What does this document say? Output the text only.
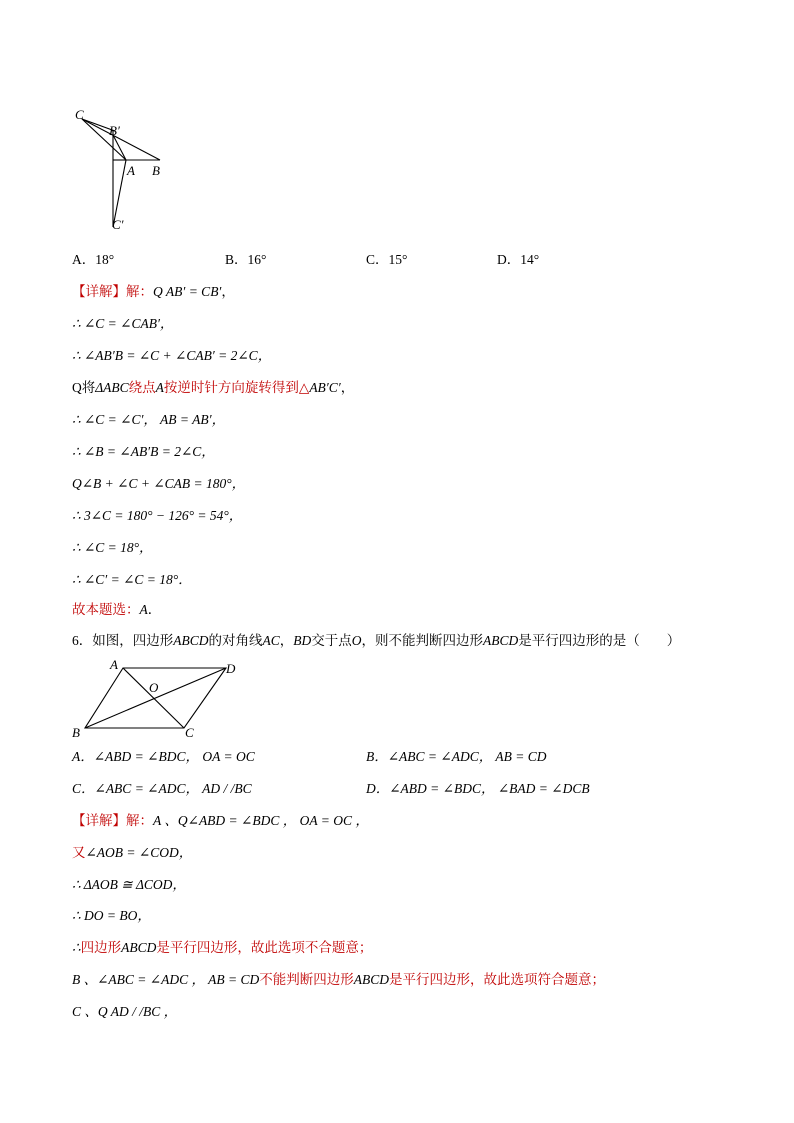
C
B′
A B
C′
A．18°	B．16°	C．15°	D．14°
【详解】解：Q AB′ = CB′，
∴ ∠C = ∠CAB′，
∴ ∠AB′B = ∠C + ∠CAB′ = 2∠C，
Q将ΔABC绕点A按逆时针方向旋转得到△AB′C′，
∴ ∠C = ∠C′， AB = AB′，
∴ ∠B = ∠AB′B = 2∠C，
Q∠B + ∠C + ∠CAB = 180°，
∴ 3∠C = 180° − 126° = 54°，
∴ ∠C = 18°，
∴ ∠C′ = ∠C = 18°．
故本题选：A．
6．如图，四边形ABCD的对角线AC，BD交于点O，则不能判断四边形ABCD是平行四边形的是（　　）
A	D
O
B	C
A．∠ABD = ∠BDC， OA = OC	B．∠ABC = ∠ADC， AB = CD
C．∠ABC = ∠ADC， AD / /BC	D．∠ABD = ∠BDC， ∠BAD = ∠DCB
【详解】解：A 、Q∠ABD = ∠BDC ， OA = OC ，
又∠AOB = ∠COD，
∴ ΔAOB ≅ ΔCOD，
∴ DO = BO，
∴四边形ABCD是平行四边形，故此选项不合题意；
B 、∠ABC = ∠ADC ， AB = CD不能判断四边形ABCD是平行四边形，故此选项符合题意；
C 、Q AD / /BC ，
